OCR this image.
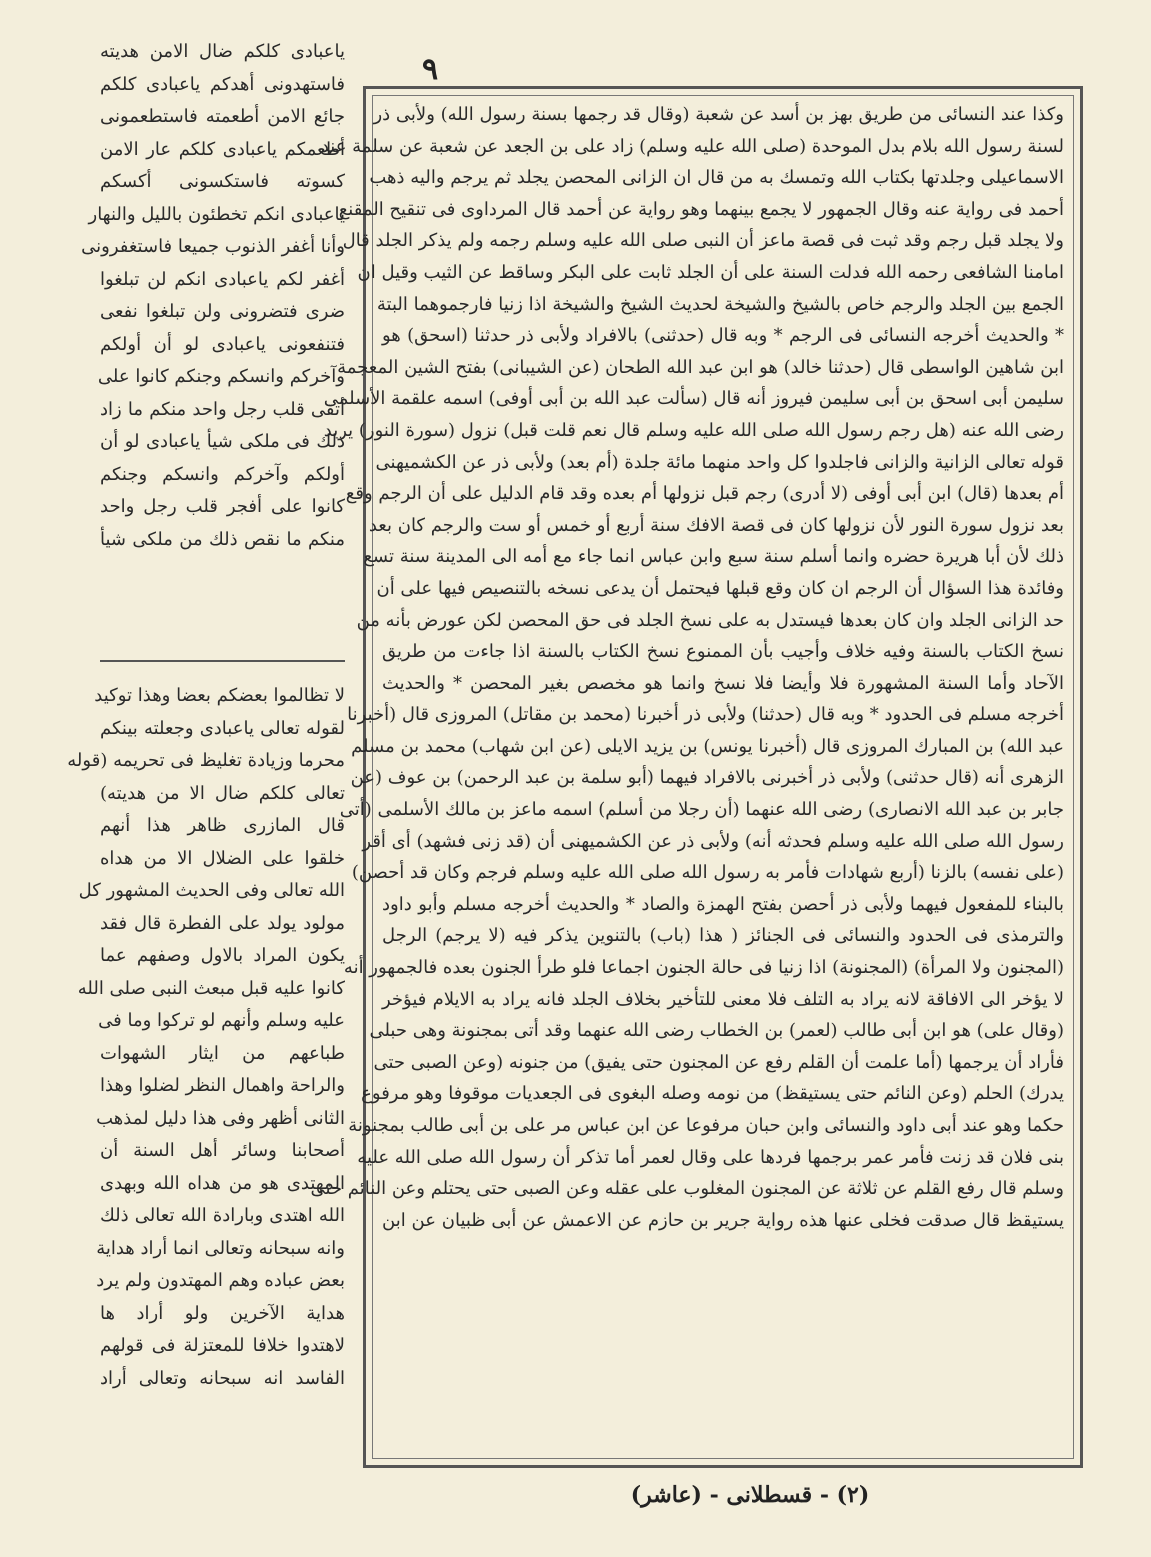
٩
ياعبادى كلكم ضال الامن هديته
فاستهدونى أهدكم ياعبادى كلكم
جائع الامن أطعمته فاستطعمونى
أطعمكم ياعبادى كلكم عار الامن
كسوته فاستكسونى أكسكم
ياعبادى انكم تخطئون بالليل والنهار
وأنا أغفر الذنوب جميعا فاستغفرونى
أغفر لكم ياعبادى انكم لن تبلغوا
ضرى فتضرونى ولن تبلغوا نفعى
فتنفعونى ياعبادى لو أن أولكم
وآخركم وانسكم وجنكم كانوا على
أتقى قلب رجل واحد منكم ما زاد
ذلك فى ملكى شيأ ياعبادى لو أن
أولكم وآخركم وانسكم وجنكم
كانوا على أفجر قلب رجل واحد
منكم ما نقص ذلك من ملكى شيأ
لا تظالموا بعضكم بعضا وهذا توكيد
لقوله تعالى ياعبادى وجعلته بينكم
محرما وزيادة تغليظ فى تحريمه (قوله
تعالى كلكم ضال الا من هديته)
قال المازرى ظاهر هذا أنهم
خلقوا على الضلال الا من هداه
الله تعالى وفى الحديث المشهور كل
مولود يولد على الفطرة قال فقد
يكون المراد بالاول وصفهم عما
كانوا عليه قبل مبعث النبى صلى الله
عليه وسلم وأنهم لو تركوا وما فى
طباعهم من ايثار الشهوات
والراحة واهمال النظر لضلوا وهذا
الثانى أظهر وفى هذا دليل لمذهب
أصحابنا وسائر أهل السنة أن
المهتدى هو من هداه الله وبهدى
الله اهتدى وبارادة الله تعالى ذلك
وانه سبحانه وتعالى انما أراد هداية
بعض عباده وهم المهتدون ولم يرد
هداية الآخرين ولو أراد ها
لاهتدوا خلافا للمعتزلة فى قولهم
الفاسد انه سبحانه وتعالى أراد
وكذا عند النسائى من طريق بهز بن أسد عن شعبة (وقال قد رجمها بسنة رسول الله) ولأبى ذر
لسنة رسول الله بلام بدل الموحدة (صلى الله عليه وسلم) زاد على بن الجعد عن شعبة عن سلمة عند
الاسماعيلى وجلدتها بكتاب الله وتمسك به من قال ان الزانى المحصن يجلد ثم يرجم واليه ذهب
أحمد فى رواية عنه وقال الجمهور لا يجمع بينهما وهو رواية عن أحمد قال المرداوى فى تنقيح المقنع
ولا يجلد قبل رجم وقد ثبت فى قصة ماعز أن النبى صلى الله عليه وسلم رجمه ولم يذكر الجلد قال
امامنا الشافعى رحمه الله فدلت السنة على أن الجلد ثابت على البكر وساقط عن الثيب وقيل ان
الجمع بين الجلد والرجم خاص بالشيخ والشيخة لحديث الشيخ والشيخة اذا زنيا فارجموهما البتة
* والحديث أخرجه النسائى فى الرجم * وبه قال (حدثنى) بالافراد ولأبى ذر حدثنا (اسحق) هو
ابن شاهين الواسطى قال (حدثنا خالد) هو ابن عبد الله الطحان (عن الشيبانى) بفتح الشين المعجمة
سليمن أبى اسحق بن أبى سليمن فيروز أنه قال (سألت عبد الله بن أبى أوفى) اسمه علقمة الأسلمى
رضى الله عنه (هل رجم رسول الله صلى الله عليه وسلم قال نعم قلت قبل) نزول (سورة النور) يريد
قوله تعالى الزانية والزانى فاجلدوا كل واحد منهما مائة جلدة (أم بعد) ولأبى ذر عن الكشميهنى
أم بعدها (قال) ابن أبى أوفى (لا أدرى) رجم قبل نزولها أم بعده وقد قام الدليل على أن الرجم وقع
بعد نزول سورة النور لأن نزولها كان فى قصة الافك سنة أربع أو خمس أو ست والرجم كان بعد
ذلك لأن أبا هريرة حضره وانما أسلم سنة سبع وابن عباس انما جاء مع أمه الى المدينة سنة تسع
وفائدة هذا السؤال أن الرجم ان كان وقع قبلها فيحتمل أن يدعى نسخه بالتنصيص فيها على أن
حد الزانى الجلد وان كان بعدها فيستدل به على نسخ الجلد فى حق المحصن لكن عورض بأنه من
نسخ الكتاب بالسنة وفيه خلاف وأجيب بأن الممنوع نسخ الكتاب بالسنة اذا جاءت من طريق
الآحاد وأما السنة المشهورة فلا وأيضا فلا نسخ وانما هو مخصص بغير المحصن * والحديث
أخرجه مسلم فى الحدود * وبه قال (حدثنا) ولأبى ذر أخبرنا (محمد بن مقاتل) المروزى قال (أخبرنا
عبد الله) بن المبارك المروزى قال (أخبرنا يونس) بن يزيد الايلى (عن ابن شهاب) محمد بن مسلم
الزهرى أنه (قال حدثنى) ولأبى ذر أخبرنى بالافراد فيهما (أبو سلمة بن عبد الرحمن) بن عوف (عن
جابر بن عبد الله الانصارى) رضى الله عنهما (أن رجلا من أسلم) اسمه ماعز بن مالك الأسلمى (أتى
رسول الله صلى الله عليه وسلم فحدثه أنه) ولأبى ذر عن الكشميهنى أن (قد زنى فشهد) أى أقر
(على نفسه) بالزنا (أربع شهادات فأمر به رسول الله صلى الله عليه وسلم فرجم وكان قد أحصن)
بالبناء للمفعول فيهما ولأبى ذر أحصن بفتح الهمزة والصاد * والحديث أخرجه مسلم وأبو داود
والترمذى فى الحدود والنسائى فى الجنائز ( هذا (باب) بالتنوين يذكر فيه (لا يرجم) الرجل
(المجنون ولا المرأة) (المجنونة) اذا زنيا فى حالة الجنون اجماعا فلو طرأ الجنون بعده فالجمهور أنه
لا يؤخر الى الافاقة لانه يراد به التلف فلا معنى للتأخير بخلاف الجلد فانه يراد به الايلام فيؤخر
(وقال على) هو ابن أبى طالب (لعمر) بن الخطاب رضى الله عنهما وقد أتى بمجنونة وهى حبلى
فأراد أن يرجمها (أما علمت أن القلم رفع عن المجنون حتى يفيق) من جنونه (وعن الصبى حتى
يدرك) الحلم (وعن النائم حتى يستيقظ) من نومه وصله البغوى فى الجعديات موقوفا وهو مرفوع
حكما وهو عند أبى داود والنسائى وابن حبان مرفوعا عن ابن عباس مر على بن أبى طالب بمجنونة
بنى فلان قد زنت فأمر عمر برجمها فردها على وقال لعمر أما تذكر أن رسول الله صلى الله عليه
وسلم قال رفع القلم عن ثلاثة عن المجنون المغلوب على عقله وعن الصبى حتى يحتلم وعن النائم حتى
يستيقظ قال صدقت فخلى عنها هذه رواية جرير بن حازم عن الاعمش عن أبى ظبيان عن ابن
(٢) - قسطلانى - (عاشر)
